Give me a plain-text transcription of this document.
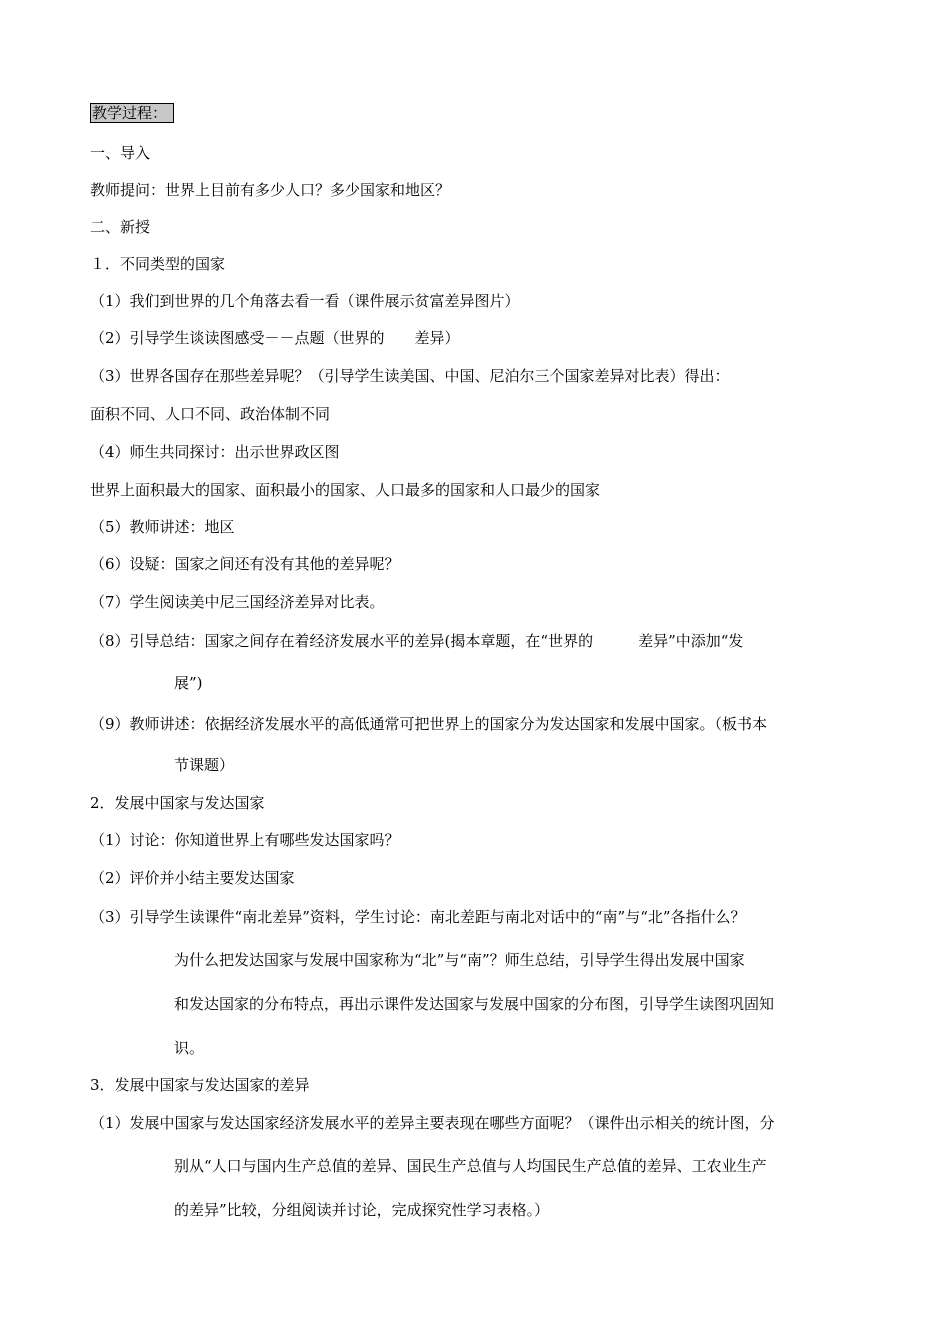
教学过程：
一、导入
教师提问：世界上目前有多少人口？多少国家和地区？
二、新授
１．不同类型的国家
（1）我们到世界的几个角落去看一看（课件展示贫富差异图片）
（2）引导学生谈读图感受－－点题（世界的　　差异）
（3）世界各国存在那些差异呢？（引导学生读美国、中国、尼泊尔三个国家差异对比表）得出：
面积不同、人口不同、政治体制不同
（4）师生共同探讨：出示世界政区图
世界上面积最大的国家、面积最小的国家、人口最多的国家和人口最少的国家
（5）教师讲述：地区
（6）设疑：国家之间还有没有其他的差异呢？
（7）学生阅读美中尼三国经济差异对比表。
（8）引导总结：国家之间存在着经济发展水平的差异(揭本章题，在“世界的　　　差异”中添加“发
展”)
（9）教师讲述：依据经济发展水平的高低通常可把世界上的国家分为发达国家和发展中国家。（板书本
节课题）
2．发展中国家与发达国家
（1）讨论：你知道世界上有哪些发达国家吗？
（2）评价并小结主要发达国家
（3）引导学生读课件“南北差异”资料，学生讨论：南北差距与南北对话中的“南”与“北”各指什么？
为什么把发达国家与发展中国家称为“北”与“南”？师生总结，引导学生得出发展中国家
和发达国家的分布特点，再出示课件发达国家与发展中国家的分布图，引导学生读图巩固知
识。
3．发展中国家与发达国家的差异
（1）发展中国家与发达国家经济发展水平的差异主要表现在哪些方面呢？（课件出示相关的统计图，分
别从“人口与国内生产总值的差异、国民生产总值与人均国民生产总值的差异、工农业生产
的差异”比较，分组阅读并讨论，完成探究性学习表格。）
